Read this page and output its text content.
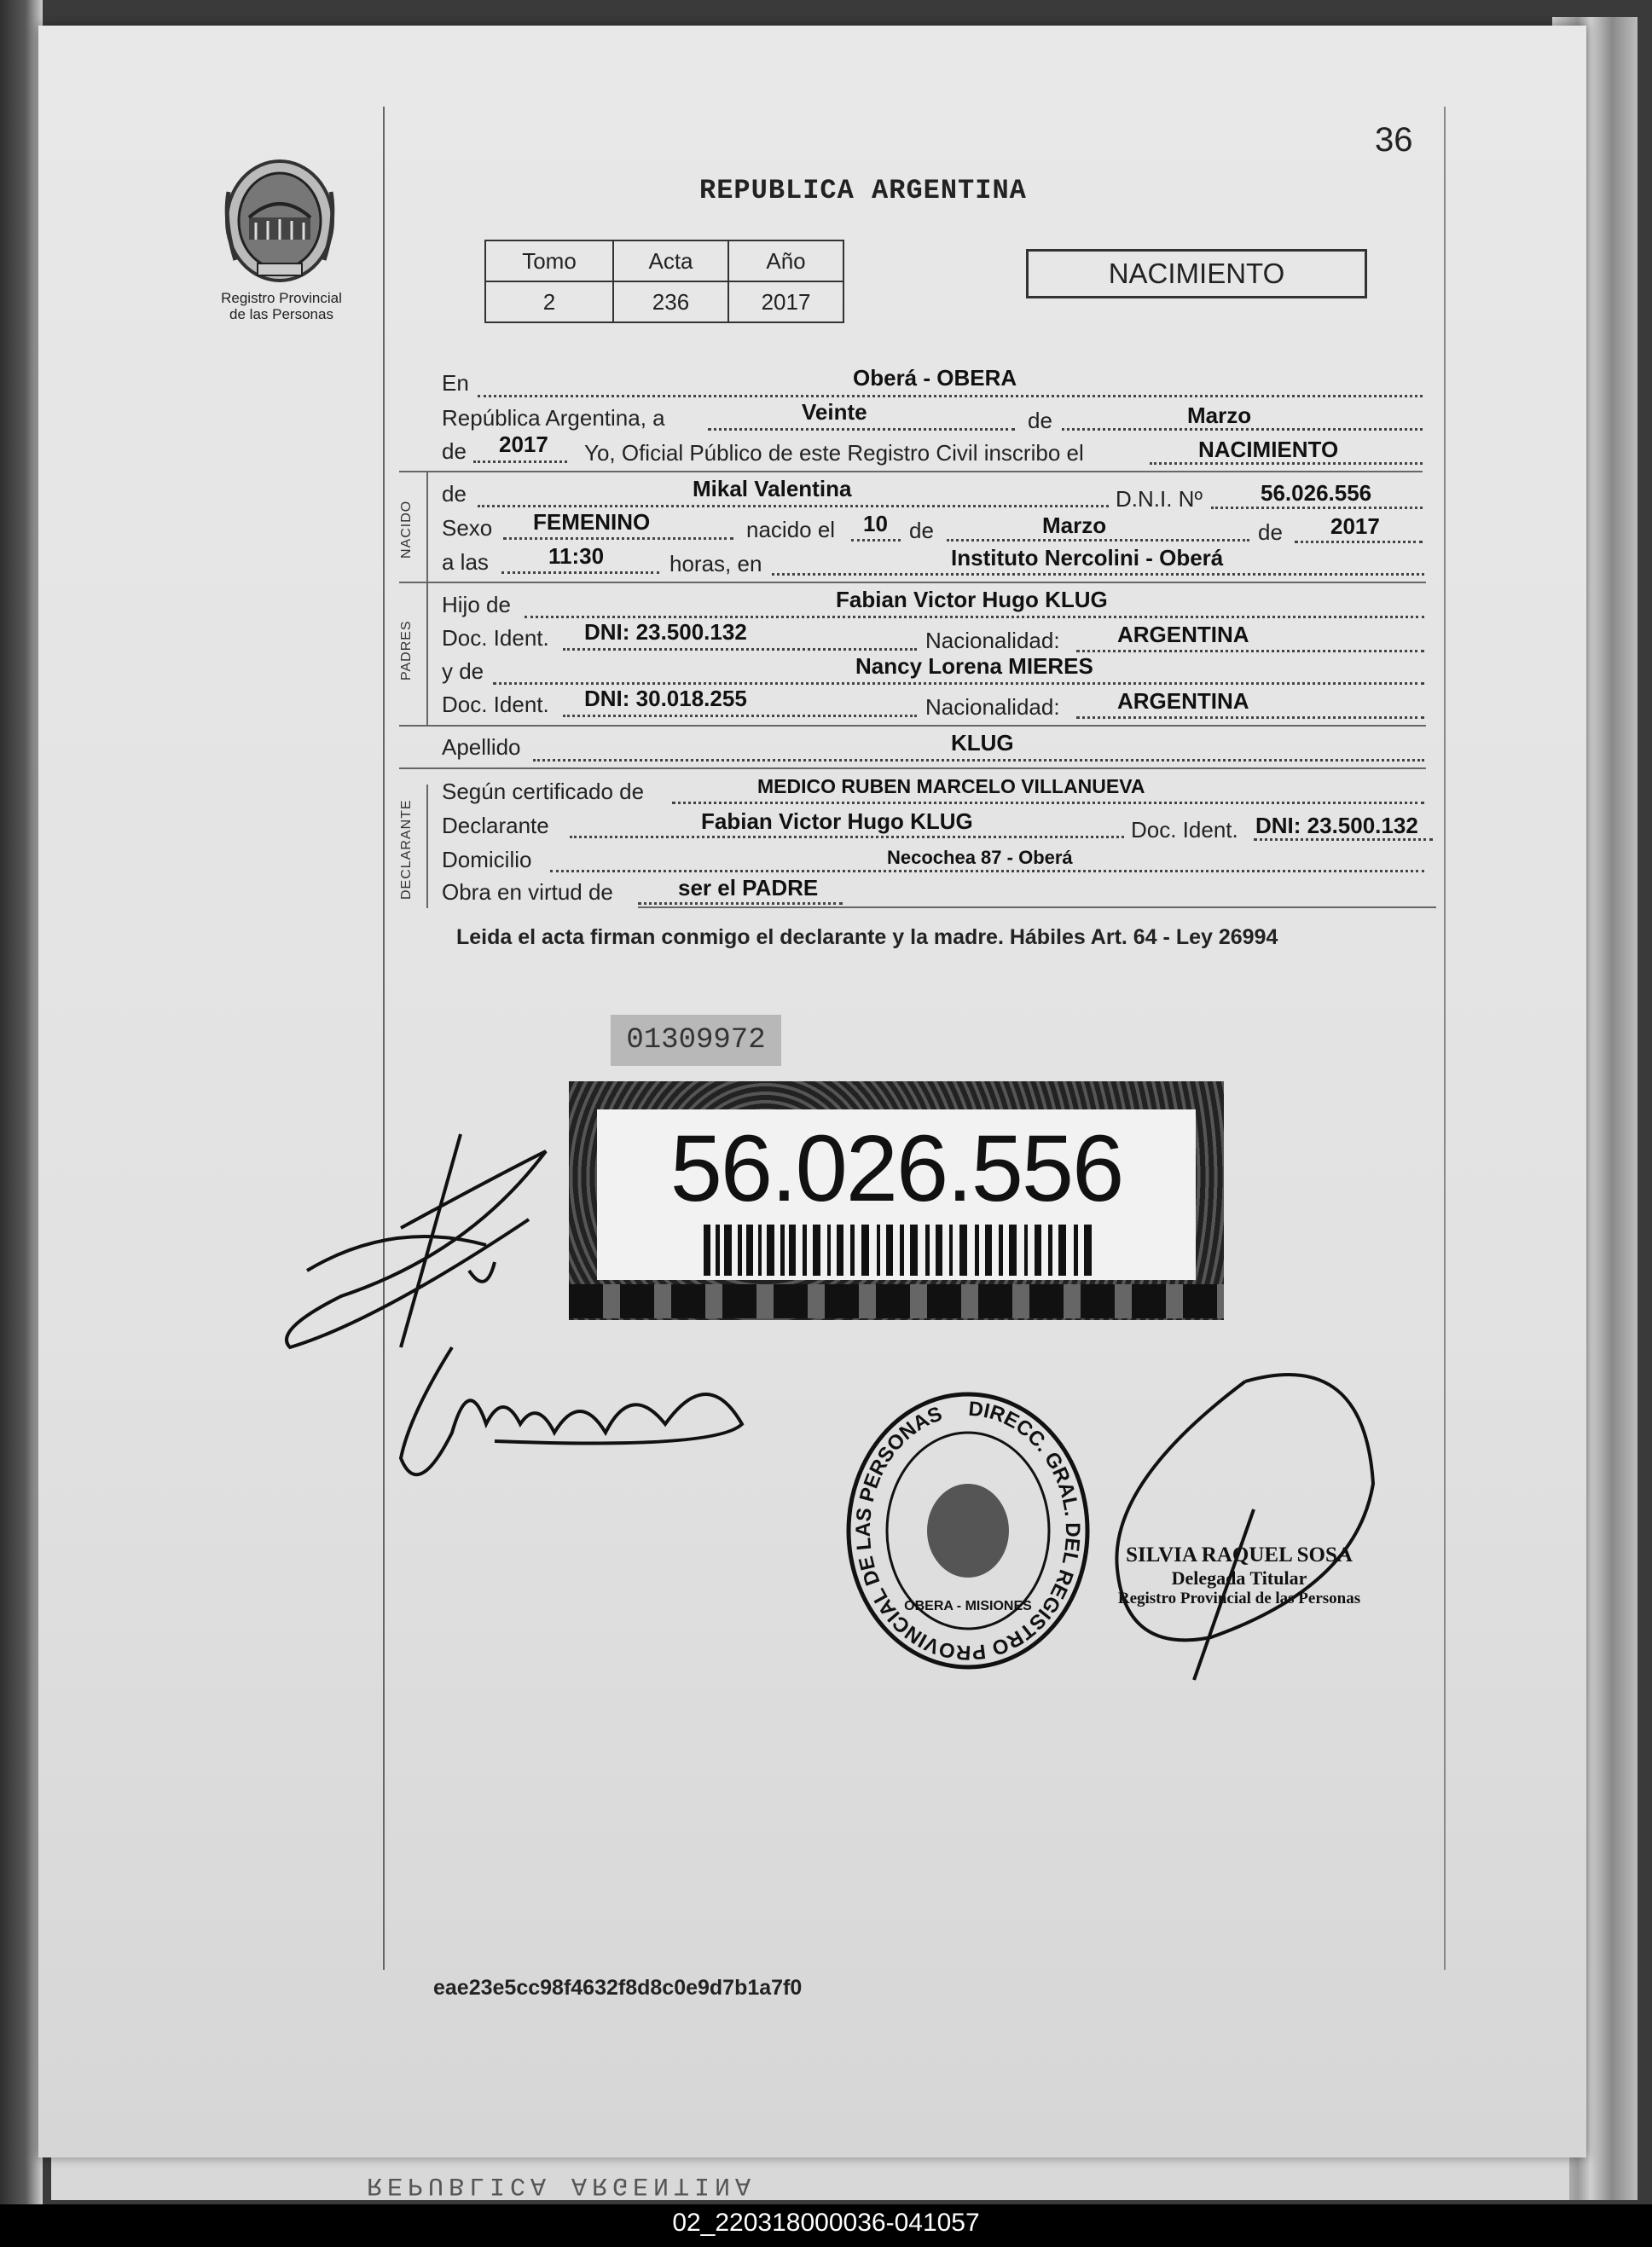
REPUBLICA ARGENTINA
36
Registro Provincial
de las Personas
REPUBLICA ARGENTINA
Tomo	Acta	Año
2	236	2017
NACIMIENTO
En	Oberá - OBERA
República Argentina, a	Veinte	de	Marzo
de 2017 Yo, Oficial Público de este Registro Civil inscribo el	NACIMIENTO
NACIDO
de	Mikal Valentina	D.N.I. Nº	56.026.556
Sexo FEMENINO	nacido el 10 de	Marzo	de 2017
a las	11:30	horas, en	Instituto Nercolini - Oberá
PADRES
Hijo de	Fabian Victor Hugo KLUG
Doc. Ident. DNI: 23.500.132	Nacionalidad:	ARGENTINA
y de	Nancy Lorena MIERES
Doc. Ident. DNI: 30.018.255	Nacionalidad:	ARGENTINA
Apellido	KLUG
DECLARANTE
Según certificado de	MEDICO RUBEN MARCELO VILLANUEVA
Declarante	Fabian Victor Hugo KLUG	Doc. Ident. DNI: 23.500.132
Domicilio	Necochea 87 - Oberá
Obra en virtud de	ser el PADRE
Leida el acta firman conmigo el declarante y la madre. Hábiles Art. 64 - Ley 26994
01309972
56.026.556
DIRECC. GRAL. DEL REGISTRO PROVINCIAL DE LAS PERSONAS
OBERA - MISIONES
SILVIA RAQUEL SOSA
Delegada Titular
Registro Provincial de las Personas
eae23e5cc98f4632f8d8c0e9d7b1a7f0
02_220318000036-041057
